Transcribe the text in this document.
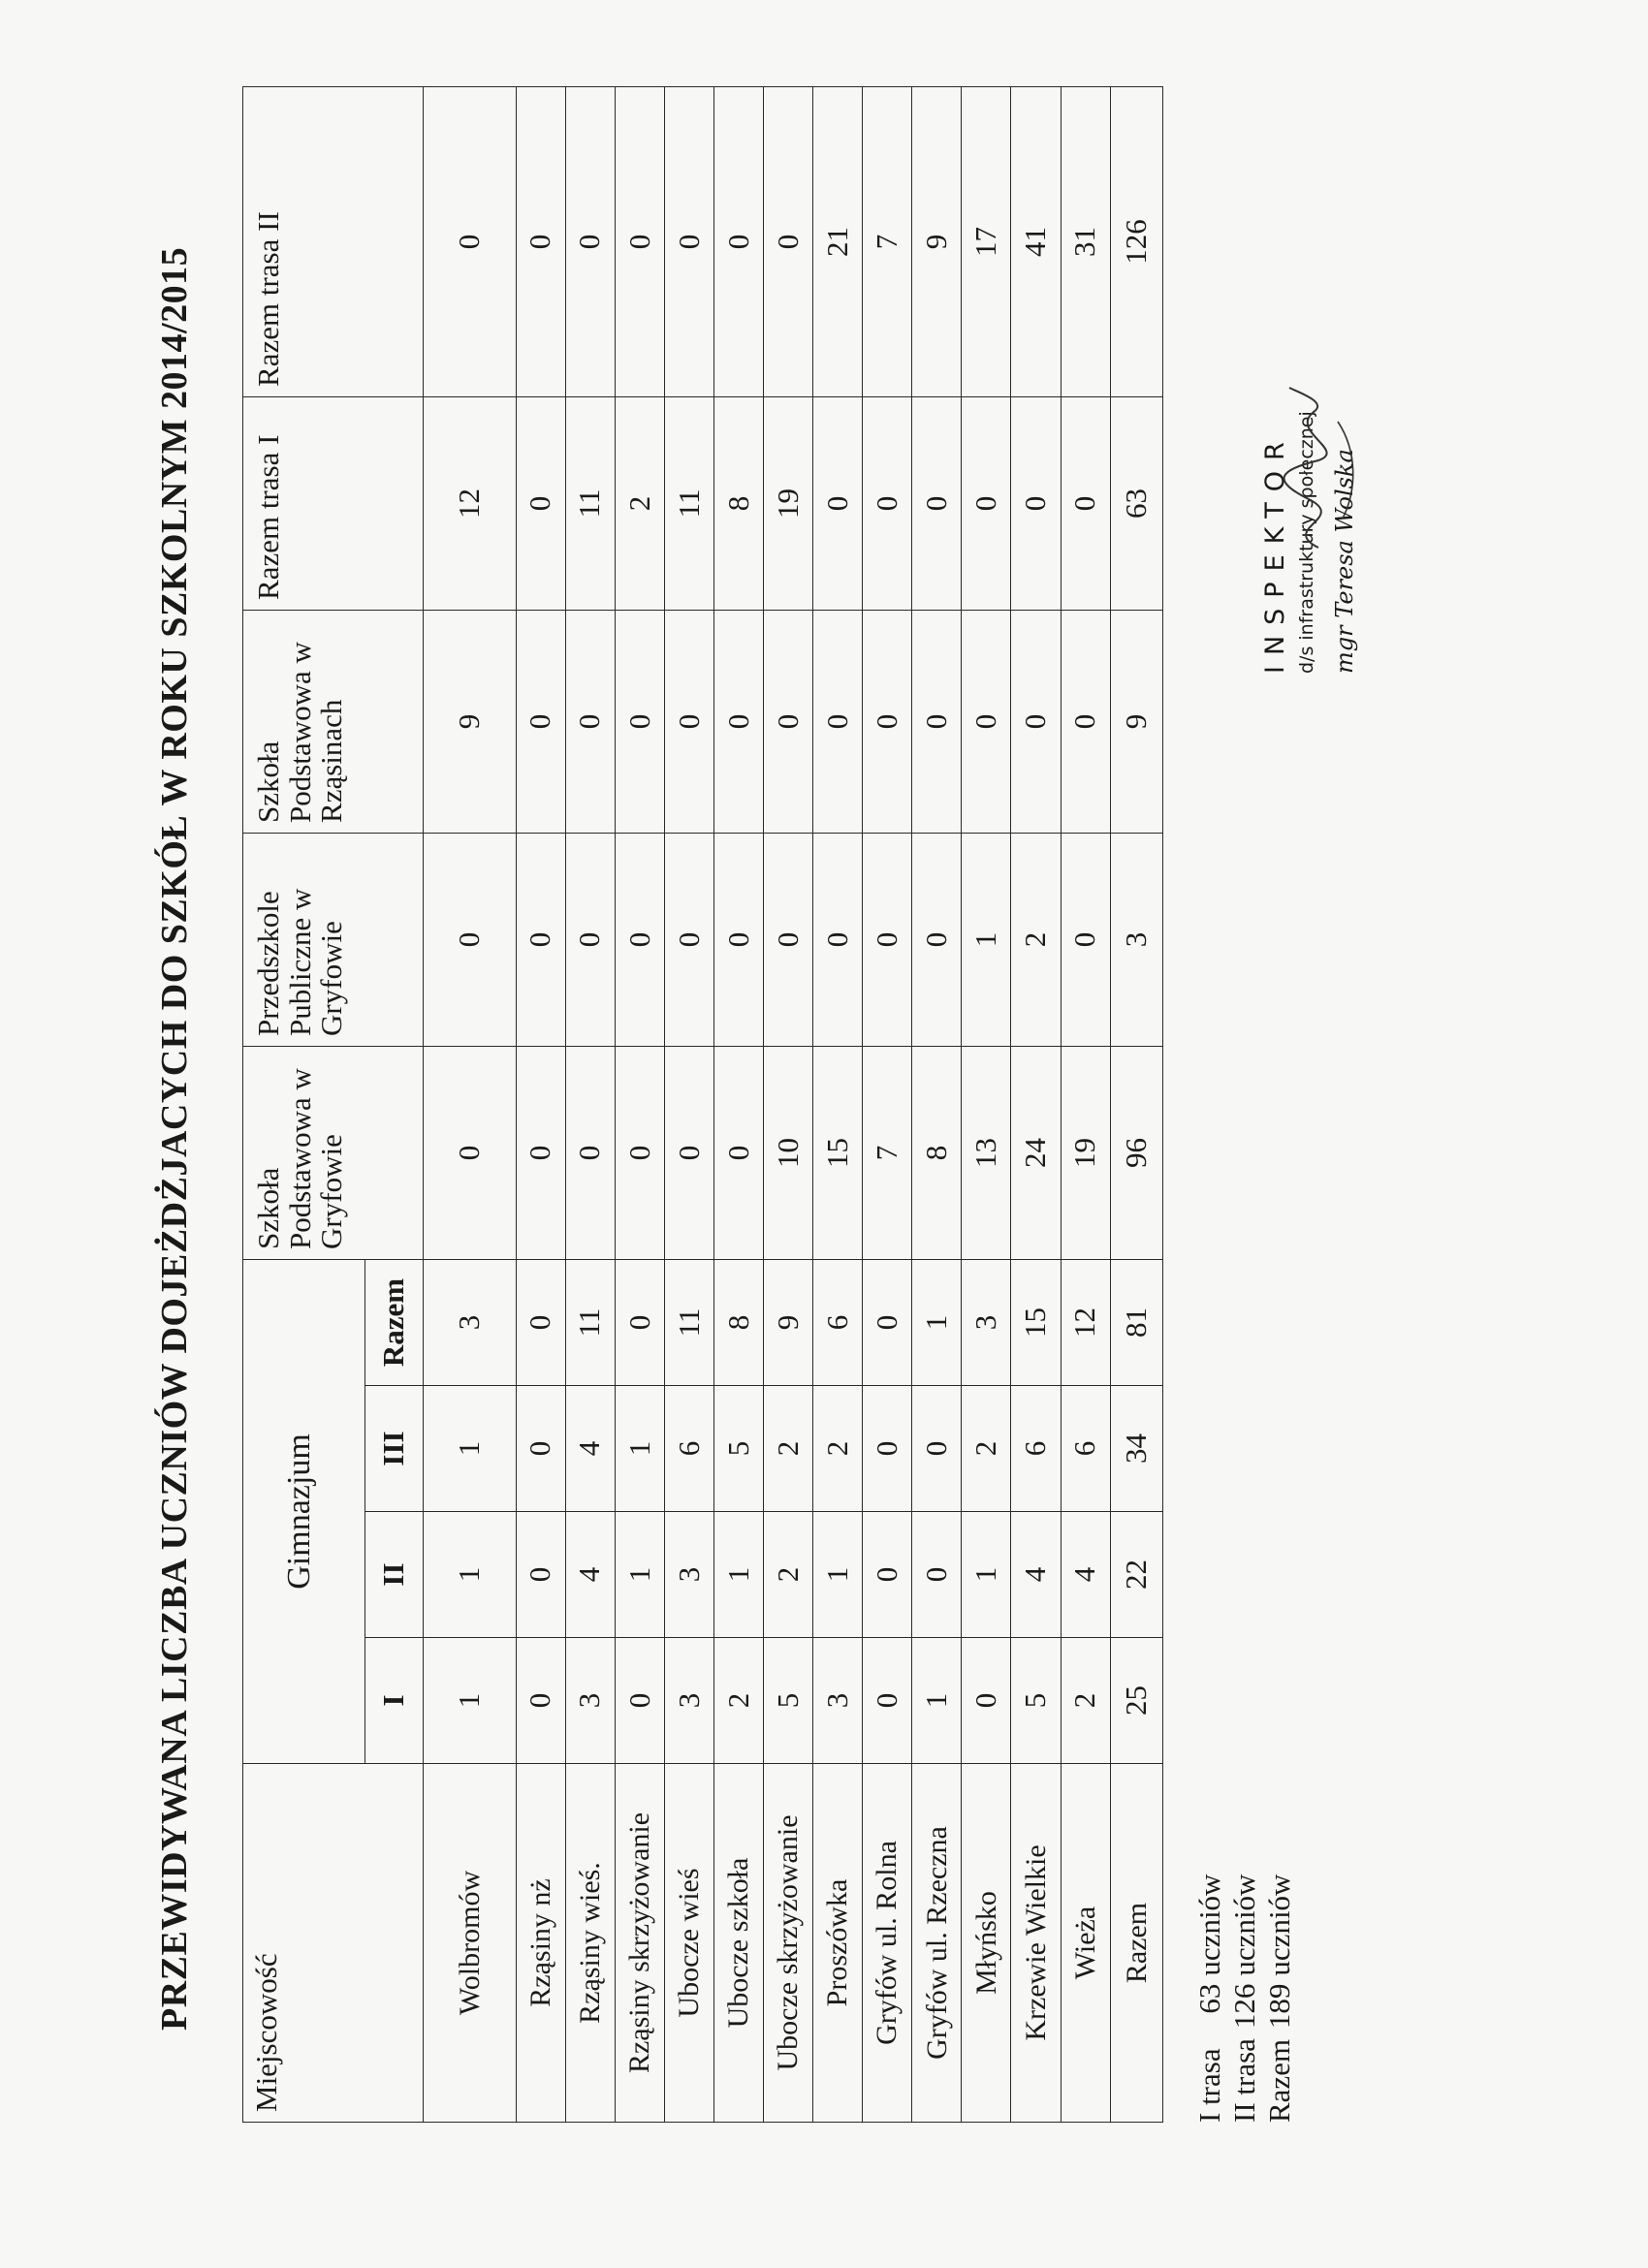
PRZEWIDYWANA LICZBA UCZNIÓW DOJEŻDŻJACYCH DO SZKÓŁ W ROKU SZKOLNYM 2014/2015
Miejscowość	Gimnazjum				Szkoła Podstawowa w Gryfowie	Przedszkole Publiczne w Gryfowie	Szkoła Podstawowa w Rząsinach	Razem trasa I	Razem trasa II
	I	II	III	Razem					
Wolbromów	1	1	1	3	0	0	9	12	0
Rząsiny nż	0	0	0	0	0	0	0	0	0
Rząsiny wieś.	3	4	4	11	0	0	0	11	0
Rząsiny skrzyżowanie	0	1	1	0	0	0	0	2	0
Ubocze wieś	3	3	6	11	0	0	0	11	0
Ubocze szkoła	2	1	5	8	0	0	0	8	0
Ubocze skrzyżowanie	5	2	2	9	10	0	0	19	0
Proszówka	3	1	2	6	15	0	0	0	21
Gryfów ul. Rolna	0	0	0	0	7	0	0	0	7
Gryfów ul. Rzeczna	1	0	0	1	8	0	0	0	9
Młyńsko	0	1	2	3	13	1	0	0	17
Krzewie Wielkie	5	4	6	15	24	2	0	0	41
Wieża	2	4	6	12	19	0	0	0	31
Razem	25	22	34	81	96	3	9	63	126
I trasa	63	uczniów
II trasa	126	uczniów
Razem	189	uczniów
INSPEKTOR d/s infrastruktury społecznej mgr Teresa Wolska
